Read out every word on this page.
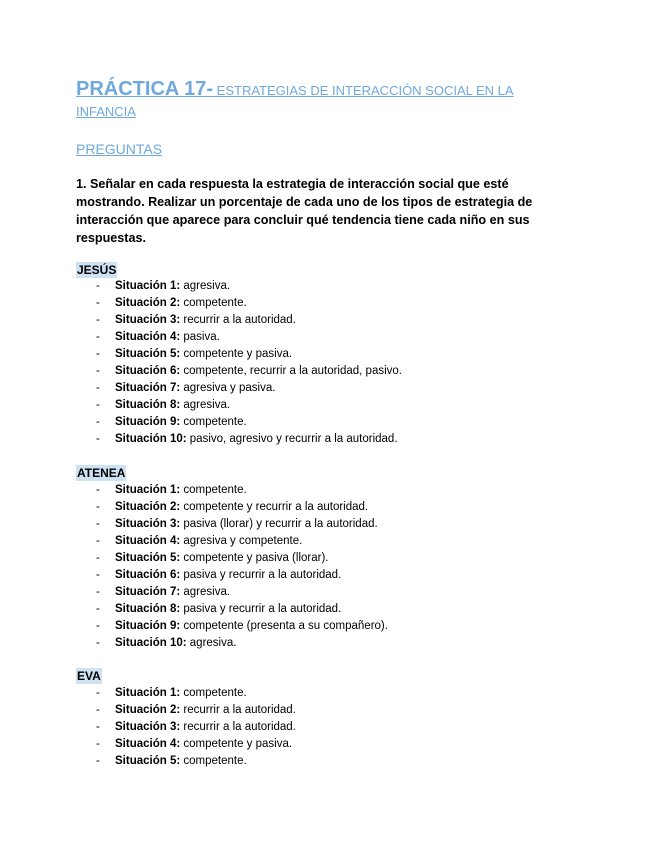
PRÁCTICA 17- ESTRATEGIAS DE INTERACCIÓN SOCIAL EN LA INFANCIA
PREGUNTAS
1. Señalar en cada respuesta la estrategia de interacción social que esté mostrando. Realizar un porcentaje de cada uno de los tipos de estrategia de interacción que aparece para concluir qué tendencia tiene cada niño en sus respuestas.
JESÚS
- Situación 1: agresiva.
- Situación 2: competente.
- Situación 3: recurrir a la autoridad.
- Situación 4: pasiva.
- Situación 5: competente y pasiva.
- Situación 6: competente, recurrir a la autoridad, pasivo.
- Situación 7: agresiva y pasiva.
- Situación 8: agresiva.
- Situación 9: competente.
- Situación 10: pasivo, agresivo y recurrir a la autoridad.
ATENEA
- Situación 1: competente.
- Situación 2: competente y recurrir a la autoridad.
- Situación 3: pasiva (llorar) y recurrir a la autoridad.
- Situación 4: agresiva y competente.
- Situación 5: competente y pasiva (llorar).
- Situación 6: pasiva y recurrir a la autoridad.
- Situación 7: agresiva.
- Situación 8: pasiva y recurrir a la autoridad.
- Situación 9: competente (presenta a su compañero).
- Situación 10: agresiva.
EVA
- Situación 1: competente.
- Situación 2: recurrir a la autoridad.
- Situación 3: recurrir a la autoridad.
- Situación 4: competente y pasiva.
- Situación 5: competente.
